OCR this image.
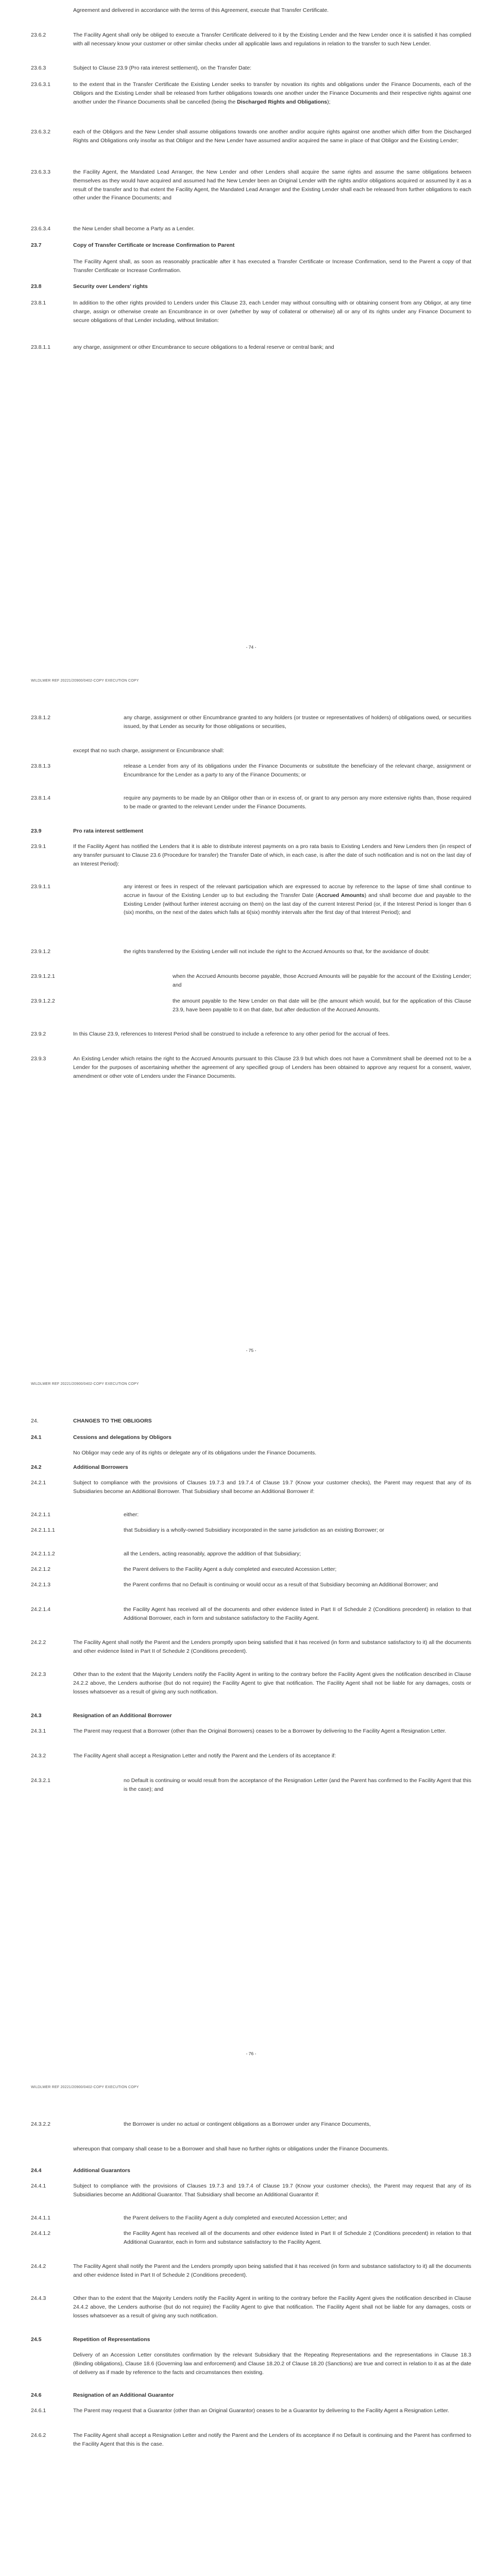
Agreement and delivered in accordance with the terms of this Agreement, execute that Transfer Certificate.
23.6.2	The Facility Agent shall only be obliged to execute a Transfer Certificate delivered to it by the Existing Lender and the New Lender once it is satisfied it has complied with all necessary know your customer or other similar checks under all applicable laws and regulations in relation to the transfer to such New Lender.
23.6.3	Subject to Clause 23.9 (Pro rata interest settlement), on the Transfer Date:
23.6.3.1	to the extent that in the Transfer Certificate the Existing Lender seeks to transfer by novation its rights and obligations under the Finance Documents, each of the Obligors and the Existing Lender shall be released from further obligations towards one another under the Finance Documents and their respective rights against one another under the Finance Documents shall be cancelled (being the Discharged Rights and Obligations);
23.6.3.2	each of the Obligors and the New Lender shall assume obligations towards one another and/or acquire rights against one another which differ from the Discharged Rights and Obligations only insofar as that Obligor and the New Lender have assumed and/or acquired the same in place of that Obligor and the Existing Lender;
23.6.3.3	the Facility Agent, the Mandated Lead Arranger, the New Lender and other Lenders shall acquire the same rights and assume the same obligations between themselves as they would have acquired and assumed had the New Lender been an Original Lender with the rights and/or obligations acquired or assumed by it as a result of the transfer and to that extent the Facility Agent, the Mandated Lead Arranger and the Existing Lender shall each be released from further obligations to each other under the Finance Documents; and
23.6.3.4	the New Lender shall become a Party as a Lender.
23.7	Copy of Transfer Certificate or Increase Confirmation to Parent
The Facility Agent shall, as soon as reasonably practicable after it has executed a Transfer Certificate or Increase Confirmation, send to the Parent a copy of that Transfer Certificate or Increase Confirmation.
23.8	Security over Lenders' rights
23.8.1	In addition to the other rights provided to Lenders under this Clause 23, each Lender may without consulting with or obtaining consent from any Obligor, at any time charge, assign or otherwise create an Encumbrance in or over (whether by way of collateral or otherwise) all or any of its rights under any Finance Document to secure obligations of that Lender including, without limitation:
23.8.1.1	any charge, assignment or other Encumbrance to secure obligations to a federal reserve or central bank; and
- 74 -
WILDLMER REF 20221/20900/0402-COPY EXECUTION COPY
23.8.1.2	any charge, assignment or other Encumbrance granted to any holders (or trustee or representatives of holders) of obligations owed, or securities issued, by that Lender as security for those obligations or securities,
except that no such charge, assignment or Encumbrance shall:
23.8.1.3	release a Lender from any of its obligations under the Finance Documents or substitute the beneficiary of the relevant charge, assignment or Encumbrance for the Lender as a party to any of the Finance Documents; or
23.8.1.4	require any payments to be made by an Obligor other than or in excess of, or grant to any person any more extensive rights than, those required to be made or granted to the relevant Lender under the Finance Documents.
23.9	Pro rata interest settlement
23.9.1	If the Facility Agent has notified the Lenders that it is able to distribute interest payments on a pro rata basis to Existing Lenders and New Lenders then (in respect of any transfer pursuant to Clause 23.6 (Procedure for transfer) the Transfer Date of which, in each case, is after the date of such notification and is not on the last day of an Interest Period):
23.9.1.1	any interest or fees in respect of the relevant participation which are expressed to accrue by reference to the lapse of time shall continue to accrue in favour of the Existing Lender up to but excluding the Transfer Date (Accrued Amounts) and shall become due and payable to the Existing Lender (without further interest accruing on them) on the last day of the current Interest Period (or, if the Interest Period is longer than 6 (six) months, on the next of the dates which falls at 6(six) monthly intervals after the first day of that Interest Period); and
23.9.1.2	the rights transferred by the Existing Lender will not include the right to the Accrued Amounts so that, for the avoidance of doubt:
23.9.1.2.1	when the Accrued Amounts become payable, those Accrued Amounts will be payable for the account of the Existing Lender; and
23.9.1.2.2	the amount payable to the New Lender on that date will be (the amount which would, but for the application of this Clause 23.9, have been payable to it on that date, but after deduction of the Accrued Amounts.
23.9.2	In this Clause 23.9, references to Interest Period shall be construed to include a reference to any other period for the accrual of fees.
23.9.3	An Existing Lender which retains the right to the Accrued Amounts pursuant to this Clause 23.9 but which does not have a Commitment shall be deemed not to be a Lender for the purposes of ascertaining whether the agreement of any specified group of Lenders has been obtained to approve any request for a consent, waiver, amendment or other vote of Lenders under the Finance Documents.
- 75 -
WILDLMER REF 20221/20900/0402-COPY EXECUTION COPY
24.	CHANGES TO THE OBLIGORS
24.1	Cessions and delegations by Obligors
No Obligor may cede any of its rights or delegate any of its obligations under the Finance Documents.
24.2	Additional Borrowers
24.2.1	Subject to compliance with the provisions of Clauses 19.7.3 and 19.7.4 of Clause 19.7 (Know your customer checks), the Parent may request that any of its Subsidiaries become an Additional Borrower. That Subsidiary shall become an Additional Borrower if:
24.2.1.1	either:
24.2.1.1.1	that Subsidiary is a wholly-owned Subsidiary incorporated in the same jurisdiction as an existing Borrower; or
24.2.1.1.2	all the Lenders, acting reasonably, approve the addition of that Subsidiary;
24.2.1.2	the Parent delivers to the Facility Agent a duly completed and executed Accession Letter;
24.2.1.3	the Parent confirms that no Default is continuing or would occur as a result of that Subsidiary becoming an Additional Borrower; and
24.2.1.4	the Facility Agent has received all of the documents and other evidence listed in Part II of Schedule 2 (Conditions precedent) in relation to that Additional Borrower, each in form and substance satisfactory to the Facility Agent.
24.2.2	The Facility Agent shall notify the Parent and the Lenders promptly upon being satisfied that it has received (in form and substance satisfactory to it) all the documents and other evidence listed in Part II of Schedule 2 (Conditions precedent).
24.2.3	Other than to the extent that the Majority Lenders notify the Facility Agent in writing to the contrary before the Facility Agent gives the notification described in Clause 24.2.2 above, the Lenders authorise (but do not require) the Facility Agent to give that notification. The Facility Agent shall not be liable for any damages, costs or losses whatsoever as a result of giving any such notification.
24.3	Resignation of an Additional Borrower
24.3.1	The Parent may request that a Borrower (other than the Original Borrowers) ceases to be a Borrower by delivering to the Facility Agent a Resignation Letter.
24.3.2	The Facility Agent shall accept a Resignation Letter and notify the Parent and the Lenders of its acceptance if:
24.3.2.1	no Default is continuing or would result from the acceptance of the Resignation Letter (and the Parent has confirmed to the Facility Agent that this is the case); and
- 76 -
WILDLMER REF 20221/20900/0402-COPY EXECUTION COPY
24.3.2.2	the Borrower is under no actual or contingent obligations as a Borrower under any Finance Documents,
whereupon that company shall cease to be a Borrower and shall have no further rights or obligations under the Finance Documents.
24.4	Additional Guarantors
24.4.1	Subject to compliance with the provisions of Clauses 19.7.3 and 19.7.4 of Clause 19.7 (Know your customer checks), the Parent may request that any of its Subsidiaries become an Additional Guarantor. That Subsidiary shall become an Additional Guarantor if:
24.4.1.1	the Parent delivers to the Facility Agent a duly completed and executed Accession Letter; and
24.4.1.2	the Facility Agent has received all of the documents and other evidence listed in Part II of Schedule 2 (Conditions precedent) in relation to that Additional Guarantor, each in form and substance satisfactory to the Facility Agent.
24.4.2	The Facility Agent shall notify the Parent and the Lenders promptly upon being satisfied that it has received (in form and substance satisfactory to it) all the documents and other evidence listed in Part II of Schedule 2 (Conditions precedent).
24.4.3	Other than to the extent that the Majority Lenders notify the Facility Agent in writing to the contrary before the Facility Agent gives the notification described in Clause 24.4.2 above, the Lenders authorise (but do not require) the Facility Agent to give that notification. The Facility Agent shall not be liable for any damages, costs or losses whatsoever as a result of giving any such notification.
24.5	Repetition of Representations
Delivery of an Accession Letter constitutes confirmation by the relevant Subsidiary that the Repeating Representations and the representations in Clause 18.3 (Binding obligations), Clause 18.6 (Governing law and enforcement) and Clause 18.20.2 of Clause 18.20 (Sanctions) are true and correct in relation to it as at the date of delivery as if made by reference to the facts and circumstances then existing.
24.6	Resignation of an Additional Guarantor
24.6.1	The Parent may request that a Guarantor (other than an Original Guarantor) ceases to be a Guarantor by delivering to the Facility Agent a Resignation Letter.
24.6.2	The Facility Agent shall accept a Resignation Letter and notify the Parent and the Lenders of its acceptance if no Default is continuing and the Parent has confirmed to the Facility Agent that this is the case.
